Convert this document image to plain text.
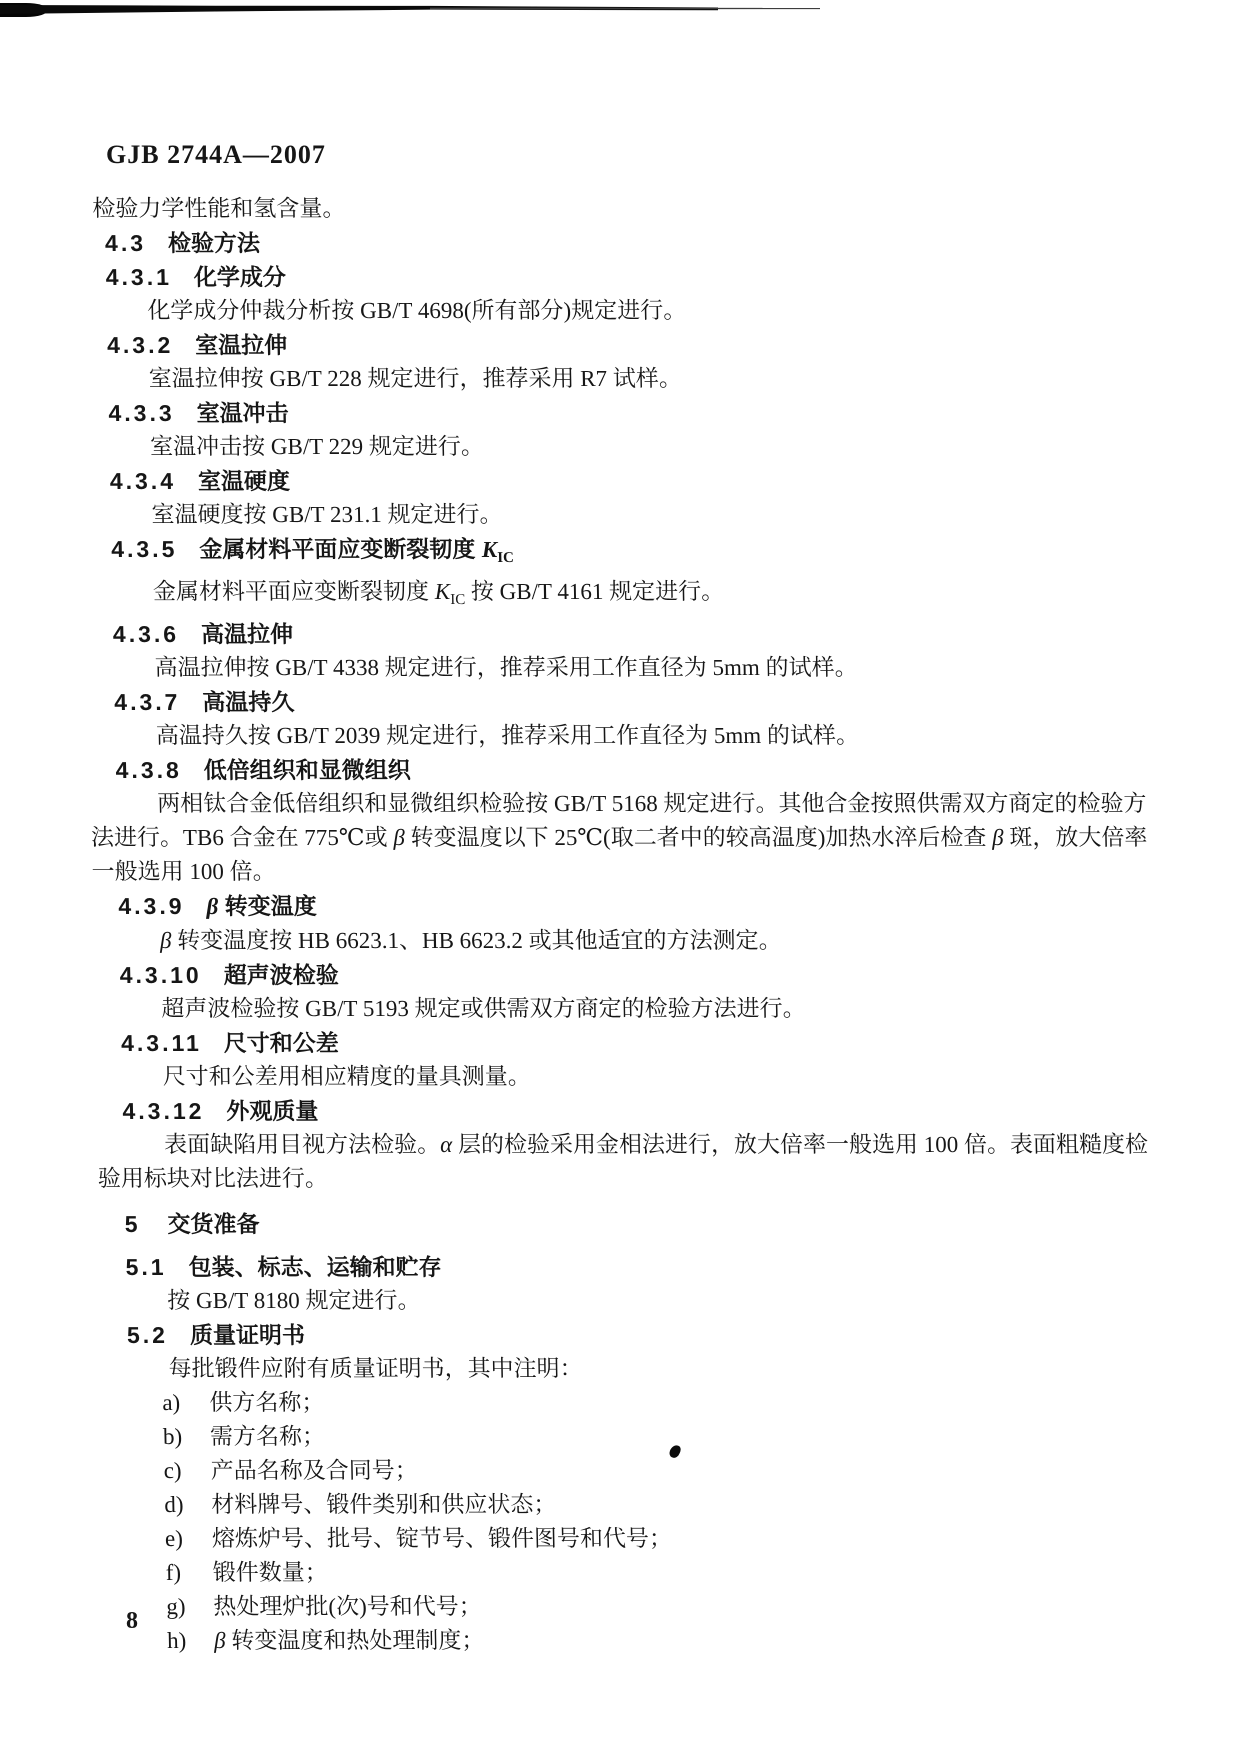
GJB 2744A—2007
检验力学性能和氢含量。
4.3 检验方法
4.3.1 化学成分
化学成分仲裁分析按 GB/T 4698(所有部分)规定进行。
4.3.2 室温拉伸
室温拉伸按 GB/T 228 规定进行，推荐采用 R7 试样。
4.3.3 室温冲击
室温冲击按 GB/T 229 规定进行。
4.3.4 室温硬度
室温硬度按 GB/T 231.1 规定进行。
4.3.5 金属材料平面应变断裂韧度 $K_{IC}$
金属材料平面应变断裂韧度 $K_{IC}$ 按 GB/T 4161 规定进行。
4.3.6 高温拉伸
高温拉伸按 GB/T 4338 规定进行，推荐采用工作直径为 5mm 的试样。
4.3.7 高温持久
高温持久按 GB/T 2039 规定进行，推荐采用工作直径为 5mm 的试样。
4.3.8 低倍组织和显微组织
两相钛合金低倍组织和显微组织检验按 GB/T 5168 规定进行。其他合金按照供需双方商定的检验方法进行。TB6 合金在 775℃或 β 转变温度以下 25℃(取二者中的较高温度)加热水淬后检查 β 斑，放大倍率一般选用 100 倍。
4.3.9 β 转变温度
β 转变温度按 HB 6623.1、HB 6623.2 或其他适宜的方法测定。
4.3.10 超声波检验
超声波检验按 GB/T 5193 规定或供需双方商定的检验方法进行。
4.3.11 尺寸和公差
尺寸和公差用相应精度的量具测量。
4.3.12 外观质量
表面缺陷用目视方法检验。α 层的检验采用金相法进行，放大倍率一般选用 100 倍。表面粗糙度检验用标块对比法进行。
5 交货准备
5.1 包装、标志、运输和贮存
按 GB/T 8180 规定进行。
5.2 质量证明书
每批锻件应附有质量证明书，其中注明：
a) 供方名称；
b) 需方名称；
c) 产品名称及合同号；
d) 材料牌号、锻件类别和供应状态；
e) 熔炼炉号、批号、锭节号、锻件图号和代号；
f) 锻件数量；
g) 热处理炉批(次)号和代号；
h) β 转变温度和热处理制度；
8
